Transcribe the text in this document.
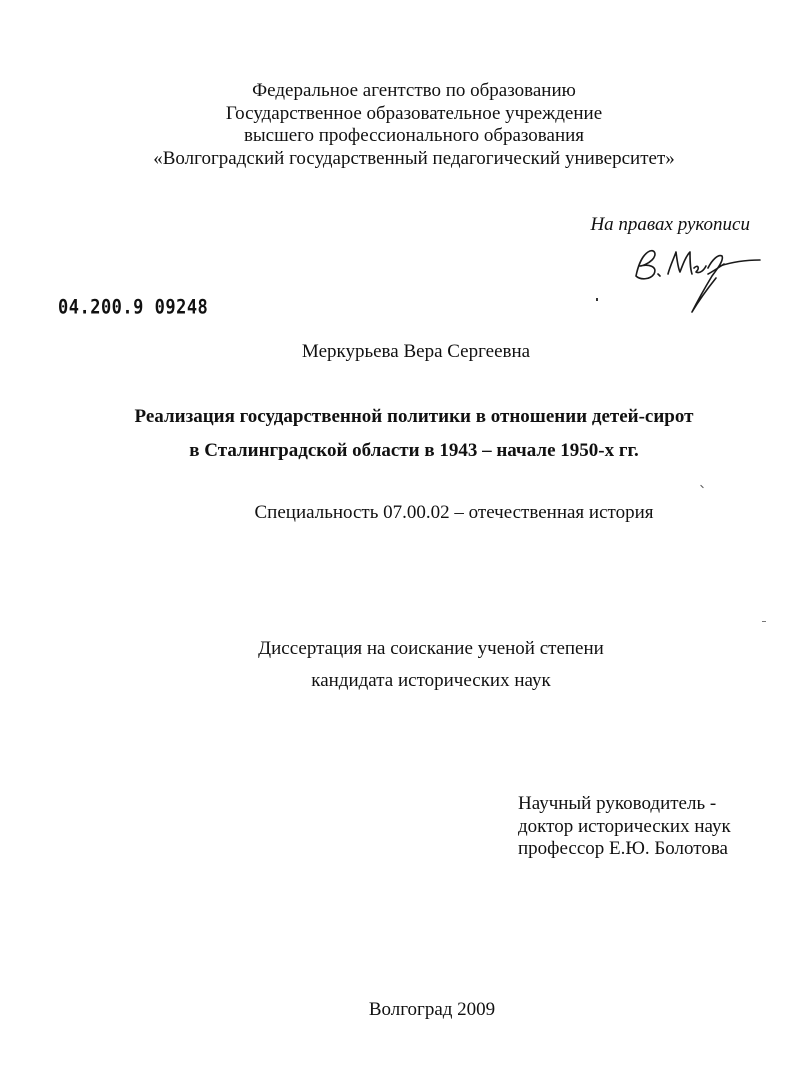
Федеральное агентство по образованию
Государственное образовательное учреждение
высшего профессионального образования
«Волгоградский государственный педагогический университет»
На правах рукописи
04.200.9 09248
Меркурьева Вера Сергеевна
Реализация государственной политики в отношении детей-сирот
в Сталинградской области в 1943 – начале 1950-х гг.
Специальность 07.00.02 – отечественная история
Диссертация на соискание ученой степени
кандидата исторических наук
Научный руководитель -
доктор исторических наук
профессор Е.Ю. Болотова
Волгоград 2009
